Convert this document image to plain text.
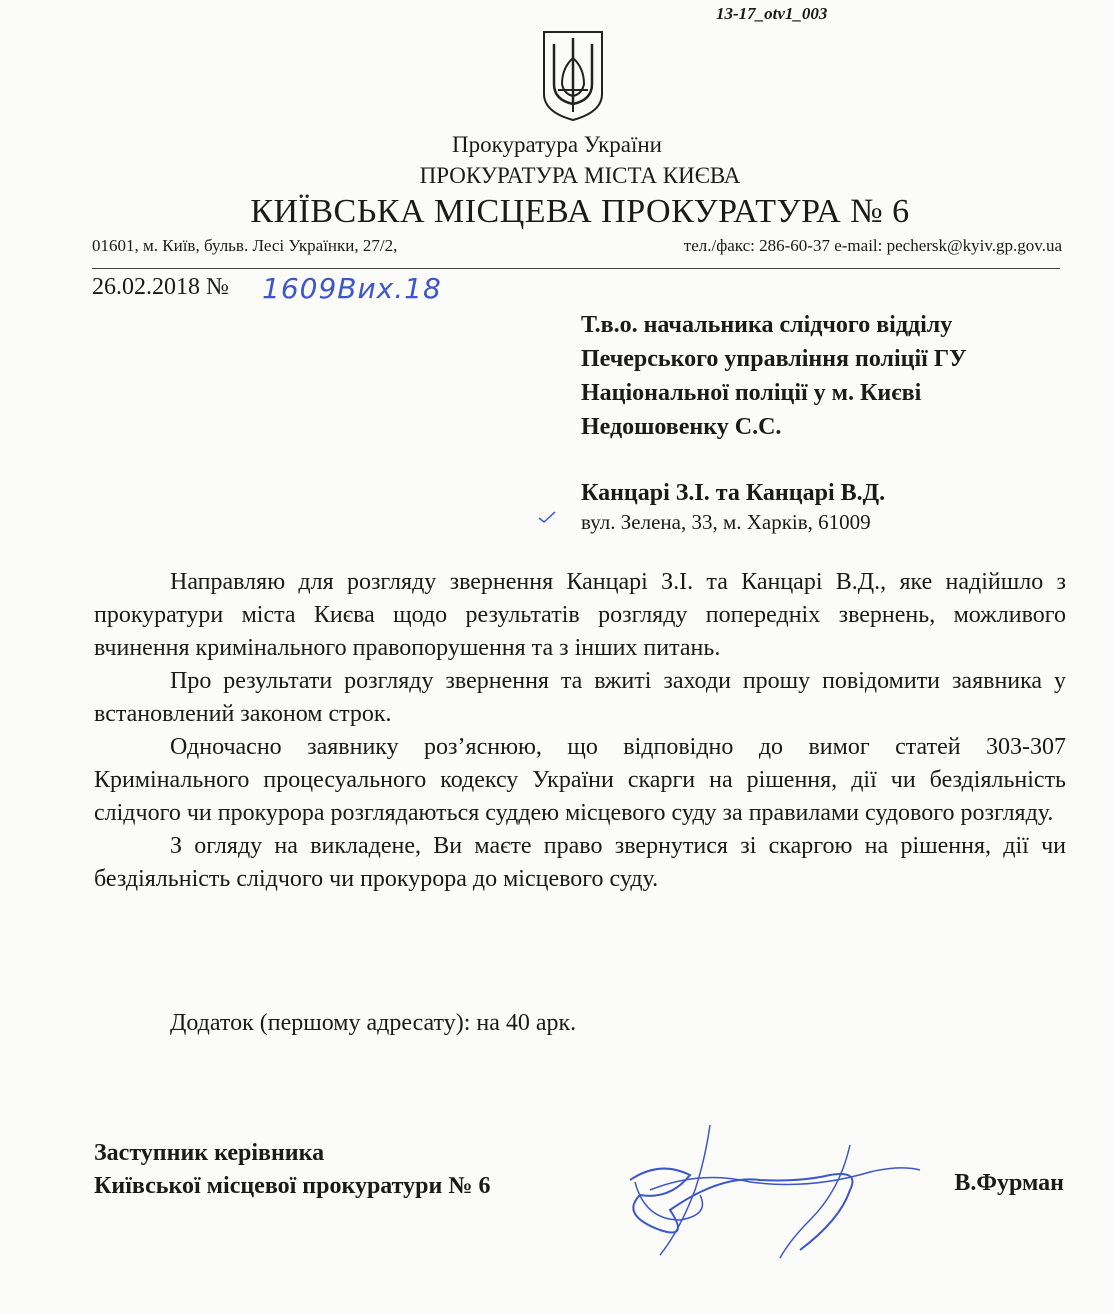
13-17_otv1_003
Прокуратура України
ПРОКУРАТУРА МІСТА КИЄВА
КИЇВСЬКА МІСЦЕВА ПРОКУРАТУРА № 6
01601, м. Київ, бульв. Лесі Українки, 27/2,	тел./факс: 286-60-37 e-mail: pechersk@kyiv.gp.gov.ua
26.02.2018 № 1609Вих.18
Т.в.о. начальника слідчого відділу
Печерського управління поліції ГУ
Національної поліції у м. Києві
Недошовенку С.С.
Канцарі З.І. та Канцарі В.Д.
вул. Зелена, 33, м. Харків, 61009

Направляю для розгляду звернення Канцарі З.І. та Канцарі В.Д., яке надійшло з прокуратури міста Києва щодо результатів розгляду попередніх звернень, можливого вчинення кримінального правопорушення та з інших питань.

Про результати розгляду звернення та вжиті заходи прошу повідомити заявника у встановлений законом строк.

Одночасно заявнику роз’яснюю, що відповідно до вимог статей 303-307 Кримінального процесуального кодексу України скарги на рішення, дії чи бездіяльність слідчого чи прокурора розглядаються суддею місцевого суду за правилами судового розгляду.

З огляду на викладене, Ви маєте право звернутися зі скаргою на рішення, дії чи бездіяльність слідчого чи прокурора до місцевого суду.

Додаток (першому адресату): на 40 арк.
Заступник керівника
Київської місцевої прокуратури № 6	В.Фурман
